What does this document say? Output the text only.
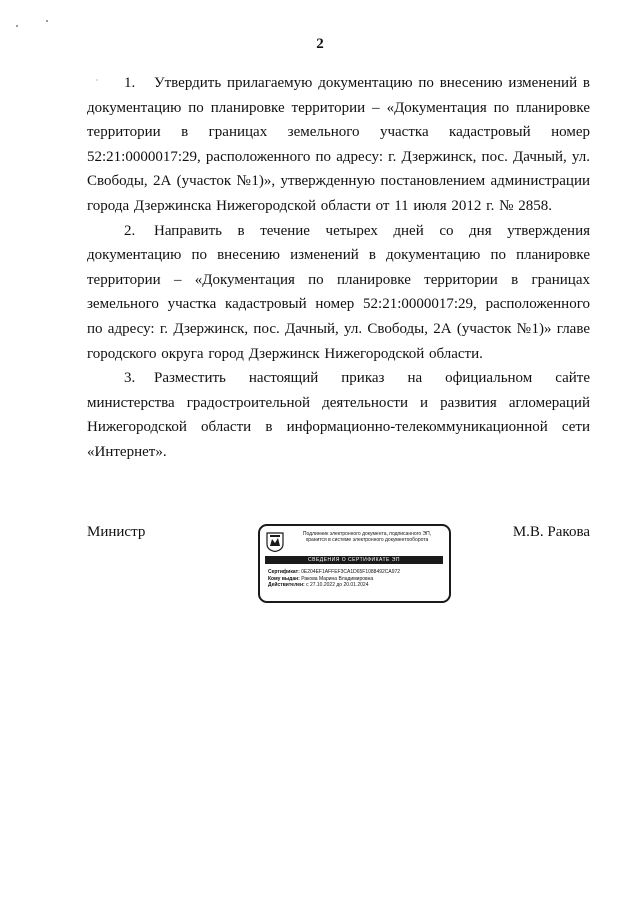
2

1. Утвердить прилагаемую документацию по внесению изменений в документацию по планировке территории – «Документация по планировке территории в границах земельного участка кадастровый номер 52:21:0000017:29, расположенного по адресу: г. Дзержинск, пос. Дачный, ул. Свободы, 2А (участок №1)», утвержденную постановлением администрации города Дзержинска Нижегородской области от 11 июля 2012 г. № 2858.

2. Направить в течение четырех дней со дня утверждения документацию по внесению изменений в документацию по планировке территории – «Документация по планировке территории в границах земельного участка кадастровый номер 52:21:0000017:29, расположенного по адресу: г. Дзержинск, пос. Дачный, ул. Свободы, 2А (участок №1)» главе городского округа город Дзержинск Нижегородской области.

3. Разместить настоящий приказ на официальном сайте министерства градостроительной деятельности и развития агломераций Нижегородской области в информационно-телекоммуникационной сети «Интернет».

Министр	Подлинник электронного документа, подписанного ЭП,
хранится в системе электронного документооборота
СВЕДЕНИЯ О СЕРТИФИКАТЕ ЭП
Сертификат: 0E204EF1AFFEF3CA1D65F1088492CA972
Кому выдан: Ракова Марина Владимировна
Действителен: с 27.10.2022 до 20.01.2024
М.В. Ракова
